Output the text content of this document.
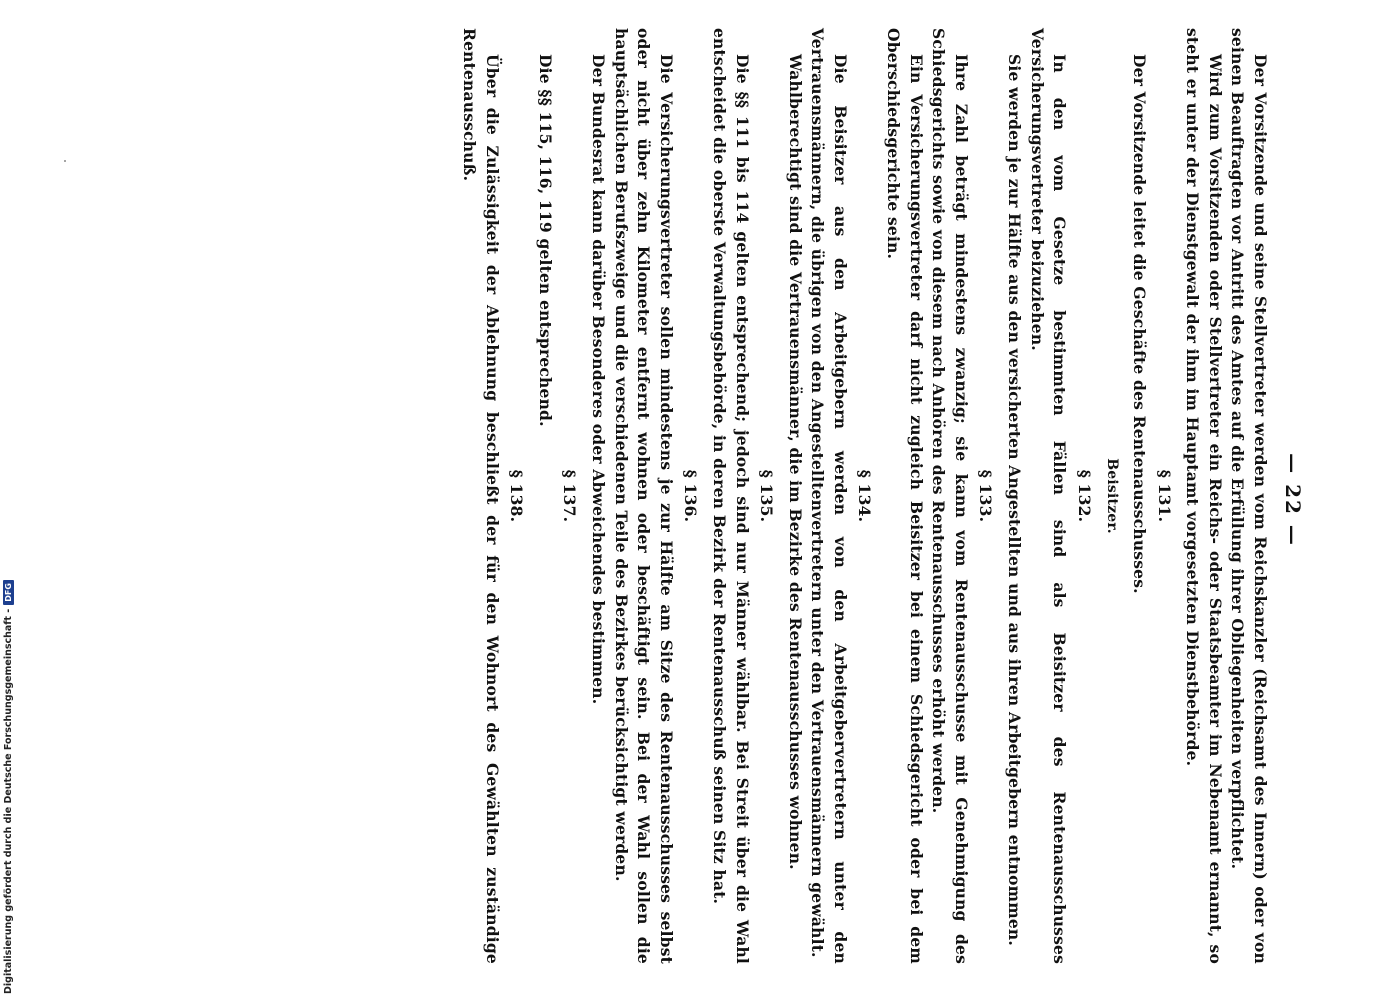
— 22 —

Der Vorsitzende und seine Stellvertreter werden vom Reichskanzler (Reichsamt des Innern) oder von seinen Beauftragten vor Antritt des Amtes auf die Erfüllung ihrer Obliegenheiten verpflichtet.

Wird zum Vorsitzenden oder Stellvertreter ein Reichs- oder Staatsbeamter im Nebenamt ernannt, so steht er unter der Dienstgewalt der ihm im Hauptamt vorgesetzten Dienstbehörde.

§ 131.

Der Vorsitzende leitet die Geschäfte des Rentenausschusses.

Beisitzer.
§ 132.

In den vom Gesetze bestimmten Fällen sind als Beisitzer des Rentenausschusses Versicherungsvertreter beizuziehen.

Sie werden je zur Hälfte aus den versicherten Angestellten und aus ihren Arbeitgebern entnommen.

§ 133.

Ihre Zahl beträgt mindestens zwanzig; sie kann vom Rentenausschusse mit Genehmigung des Schiedsgerichts sowie von diesem nach Anhören des Rentenausschusses erhöht werden.

Ein Versicherungsvertreter darf nicht zugleich Beisitzer bei einem Schiedsgericht oder bei dem Oberschiedsgerichte sein.

§ 134.

Die Beisitzer aus den Arbeitgebern werden von den Arbeitgebervertretern unter den Vertrauensmännern, die übrigen von den Angestelltenvertretern unter den Vertrauensmännern gewählt.

Wahlberechtigt sind die Vertrauensmänner, die im Bezirke des Rentenausschusses wohnen.

§ 135.

Die §§ 111 bis 114 gelten entsprechend; jedoch sind nur Männer wählbar. Bei Streit über die Wahl entscheidet die oberste Verwaltungsbehörde, in deren Bezirk der Rentenausschuß seinen Sitz hat.

§ 136.

Die Versicherungsvertreter sollen mindestens je zur Hälfte am Sitze des Rentenausschusses selbst oder nicht über zehn Kilometer entfernt wohnen oder beschäftigt sein. Bei der Wahl sollen die hauptsächlichen Berufszweige und die verschiedenen Teile des Bezirkes berücksichtigt werden.

Der Bundesrat kann darüber Besonderes oder Abweichendes bestimmen.

§ 137.

Die §§ 115, 116, 119 gelten entsprechend.

§ 138.

Über die Zulässigkeit der Ablehnung beschließt der für den Wohnort des Gewählten zuständige Rentenausschuß.

Digitalisierung gefördert durch die Deutsche Forschungsgemeinschaft -
DFG
